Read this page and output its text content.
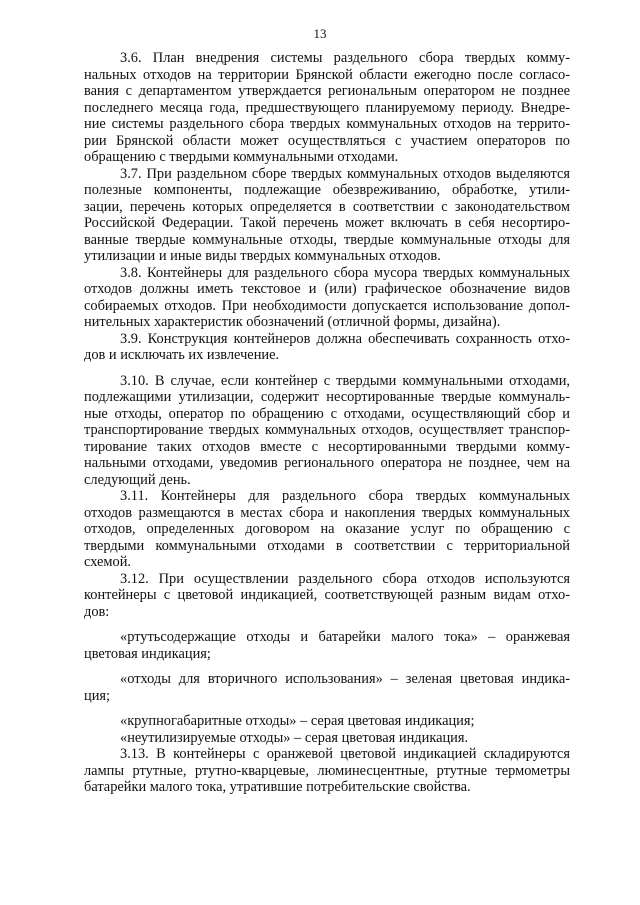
13
3.6. План внедрения системы раздельного сбора твердых комму-
нальных отходов на территории Брянской области ежегодно после согласо-
вания с департаментом утверждается региональным оператором не позднее
последнего месяца года, предшествующего планируемому периоду. Внедре-
ние системы раздельного сбора твердых коммунальных отходов на террито-
рии Брянской области может осуществляться с участием операторов по
обращению с твердыми коммунальными отходами.
3.7. При раздельном сборе твердых коммунальных отходов выделяются
полезные компоненты, подлежащие обезвреживанию, обработке, утили-
зации, перечень которых определяется в соответствии с законодательством
Российской Федерации. Такой перечень может включать в себя несортиро-
ванные твердые коммунальные отходы, твердые коммунальные отходы для
утилизации и иные виды твердых коммунальных отходов.
3.8. Контейнеры для раздельного сбора мусора твердых коммунальных
отходов должны иметь текстовое и (или) графическое обозначение видов
собираемых отходов. При необходимости допускается использование допол-
нительных характеристик обозначений (отличной формы, дизайна).
3.9. Конструкция контейнеров должна обеспечивать сохранность отхо-
дов и исключать их извлечение.
3.10. В случае, если контейнер с твердыми коммунальными отходами,
подлежащими утилизации, содержит несортированные твердые коммуналь-
ные отходы, оператор по обращению с отходами, осуществляющий сбор и
транспортирование твердых коммунальных отходов, осуществляет транспор-
тирование таких отходов вместе с несортированными твердыми комму-
нальными отходами, уведомив регионального оператора не позднее, чем на
следующий день.
3.11. Контейнеры для раздельного сбора твердых коммунальных
отходов размещаются в местах сбора и накопления твердых коммунальных
отходов, определенных договором на оказание услуг по обращению с
твердыми коммунальными отходами в соответствии с территориальной
схемой.
3.12. При осуществлении раздельного сбора отходов используются
контейнеры с цветовой индикацией, соответствующей разным видам отхо-
дов:
«ртутьсодержащие отходы и батарейки малого тока» – оранжевая
цветовая индикация;
«отходы для вторичного использования» – зеленая цветовая индика-
ция;
«крупногабаритные отходы» – серая цветовая индикация;
«неутилизируемые отходы» – серая цветовая индикация.
3.13. В контейнеры с оранжевой цветовой индикацией складируются
лампы ртутные, ртутно-кварцевые, люминесцентные, ртутные термометры
батарейки малого тока, утратившие потребительские свойства.
